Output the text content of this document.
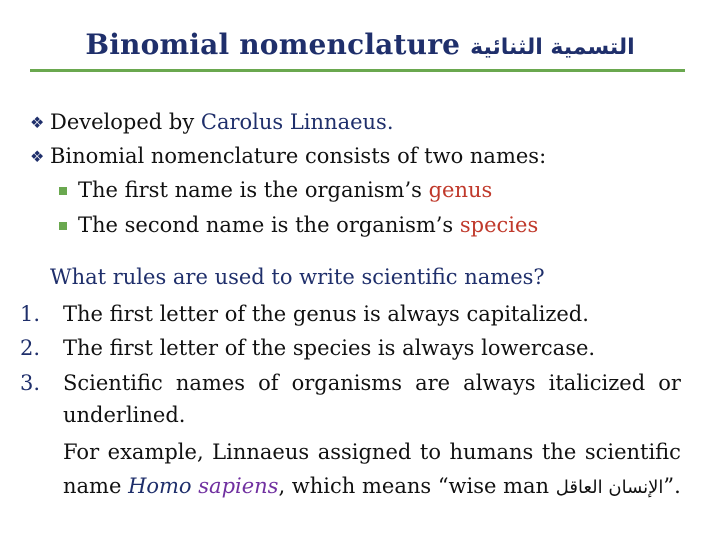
Binomial nomenclature التسمية الثنائية
❖ Developed by Carolus Linnaeus.
❖ Binomial nomenclature consists of two names:
The first name is the organism’s genus
The second name is the organism’s species
What rules are used to write scientific names?
1. The first letter of the genus is always capitalized.
2. The first letter of the species is always lowercase.
3. Scientific names of organisms are always italicized or
underlined.
For example, Linnaeus assigned to humans the scientific
name Homo sapiens, which means “wise man الإنسان العاقل”.
